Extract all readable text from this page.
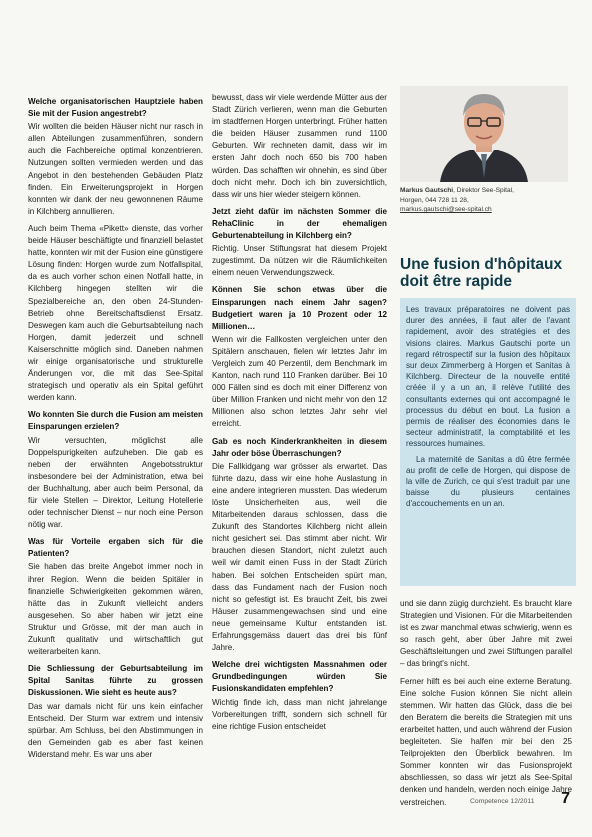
Welche organisatorischen Hauptziele haben Sie mit der Fusion angestrebt?

Wir wollten die beiden Häuser nicht nur rasch in allen Abteilungen zusammenführen, sondern auch die Fachbereiche optimal konzentrieren. Nutzungen sollten vermieden werden und das Angebot in den bestehenden Gebäuden Platz finden. Ein Erweiterungsprojekt in Horgen konnten wir dank der neu gewonnenen Räume in Kilchberg annullieren.

Auch beim Thema «Pikett» dienste, das vorher beide Häuser beschäftigte und finanziell belastet hatte, konnten wir mit der Fusion eine günstigere Lösung finden: Horgen wurde zum Notfallspital, da es auch vorher schon einen Notfall hatte, in Kilchberg hingegen stellten wir die Spezialbereiche an, den oben 24-Stunden-Betrieb ohne Bereitschaftsdienst Ersatz. Deswegen kam auch die Geburtsabteilung nach Horgen, damit jederzeit und schnell Kaiserschnitte möglich sind. Daneben nahmen wir einige organisatorische und strukturelle Änderungen vor, die mit das See-Spital strategisch und operativ als ein Spital geführt werden kann.

Wo konnten Sie durch die Fusion am meisten Einsparungen erzielen?

Wir versuchten, möglichst alle Doppelspurigkeiten aufzuheben. Die gab es neben der erwähnten Angebotsstruktur insbesondere bei der Administration, etwa bei der Buchhaltung, aber auch beim Personal, da für viele Stellen – Direktor, Leitung Hotellerie oder technischer Dienst – nur noch eine Person nötig war.

Was für Vorteile ergaben sich für die Patienten?

Sie haben das breite Angebot immer noch in ihrer Region. Wenn die beiden Spitäler in finanzielle Schwierigkeiten gekommen wären, hätte das in Zukunft vielleicht anders ausgesehen. So aber haben wir jetzt eine Struktur und Grösse, mit der man auch in Zukunft qualitativ und wirtschaftlich gut weiterarbeiten kann.

Die Schliessung der Geburtsabteilung im Spital Sanitas führte zu grossen Diskussionen. Wie sieht es heute aus?

Das war damals nicht für uns kein einfacher Entscheid. Der Sturm war extrem und intensiv spürbar. Am Schluss, bei den Abstimmungen in den Gemeinden gab es aber fast keinen Widerstand mehr. Es war uns aber

bewusst, dass wir viele werdende Mütter aus der Stadt Zürich verlieren, wenn man die Geburten im stadtfernen Horgen unterbringt. Früher hatten die beiden Häuser zusammen rund 1100 Geburten. Wir rechneten damit, dass wir im ersten Jahr doch noch 650 bis 700 haben würden. Das schafften wir ohnehin, es sind über doch nicht mehr. Doch ich bin zuversichtlich, dass wir uns hier wieder steigern können.

Jetzt zieht dafür im nächsten Sommer die RehaClinic in der ehemaligen Geburtenabteilung in Kilchberg ein?

Richtig. Unser Stiftungsrat hat diesem Projekt zugestimmt. Da nützen wir die Räumlichkeiten einem neuen Verwendungszweck.

Können Sie schon etwas über die Einsparungen nach einem Jahr sagen? Budgetiert waren ja 10 Prozent oder 12 Millionen…

Wenn wir die Fallkosten vergleichen unter den Spitälern anschauen, fielen wir letztes Jahr im Vergleich zum 40 Perzentil, dem Benchmark im Kanton, nach rund 110 Franken darüber. Bei 10 000 Fällen sind es doch mit einer Differenz von über Million Franken und nicht mehr von den 12 Millionen also schon letztes Jahr sehr viel erreicht.

Gab es noch Kinderkrankheiten in diesem Jahr oder böse Überraschungen?

Die Fallkidgang war grösser als erwartet. Das führte dazu, dass wir eine hohe Auslastung in eine andere integrieren mussten. Das wiederum löste Unsicherheiten aus, weil die Mitarbeitenden daraus schlossen, dass die Zukunft des Standortes Kilchberg nicht allein nicht gesichert sei. Das stimmt aber nicht. Wir brauchen diesen Standort, nicht zuletzt auch weil wir damit einen Fuss in der Stadt Zürich haben. Bei solchen Entscheiden spürt man, dass das Fundament nach der Fusion noch nicht so gefestigt ist. Es braucht Zeit, bis zwei Häuser zusammengewachsen sind und eine neue gemeinsame Kultur entstanden ist. Erfahrungsgemäss dauert das drei bis fünf Jahre.

Welche drei wichtigsten Massnahmen oder Grundbedingungen würden Sie Fusionskandidaten empfehlen?

Wichtig finde ich, dass man nicht jahrelange Vorbereitungen trifft, sondern sich schnell für eine richtige Fusion entscheidet

Markus Gautschi, Direktor See-Spital,
Horgen, 044 728 11 28,
markus.gautschi@see-spital.ch
Une fusion d'hôpitaux doit être rapide

Les travaux préparatoires ne doivent pas durer des années, il faut aller de l'avant rapidement, avoir des stratégies et des visions claires. Markus Gautschi porte un regard rétrospectif sur la fusion des hôpitaux sur deux Zimmerberg à Horgen et Sanitas à Kilchberg. Directeur de la nouvelle entité créée il y a un an, il relève l'utilité des consultants externes qui ont accompagné le processus du début en bout. La fusion a permis de réaliser des économies dans le secteur administratif, la comptabilité et les ressources humaines.

La maternité de Sanitas a dû être fermée au profit de celle de Horgen, qui dispose de la ville de Zurich, ce qui s'est traduit par une baisse du plusieurs centaines d'accouchements en un an.

und sie dann zügig durchzieht. Es braucht klare Strategien und Visionen. Für die Mitarbeitenden ist es zwar manchmal etwas schwierig, wenn es so rasch geht, aber über Jahre mit zwei Geschäftsleitungen und zwei Stiftungen parallel – das bringt's nicht.

Ferner hilft es bei auch eine externe Beratung. Eine solche Fusion können Sie nicht allein stemmen. Wir hatten das Glück, dass die bei den Beratern die bereits die Strategien mit uns erarbeitet hatten, und auch während der Fusion begleiteten. Sie halfen mir bei den 25 Teilprojekten den Überblick bewahren. Im Sommer konnten wir das Fusionsprojekt abschliessen, so dass wir jetzt als See-Spital denken und handeln, werden noch einige Jahre verstreichen.	Competence 12/2011 7
